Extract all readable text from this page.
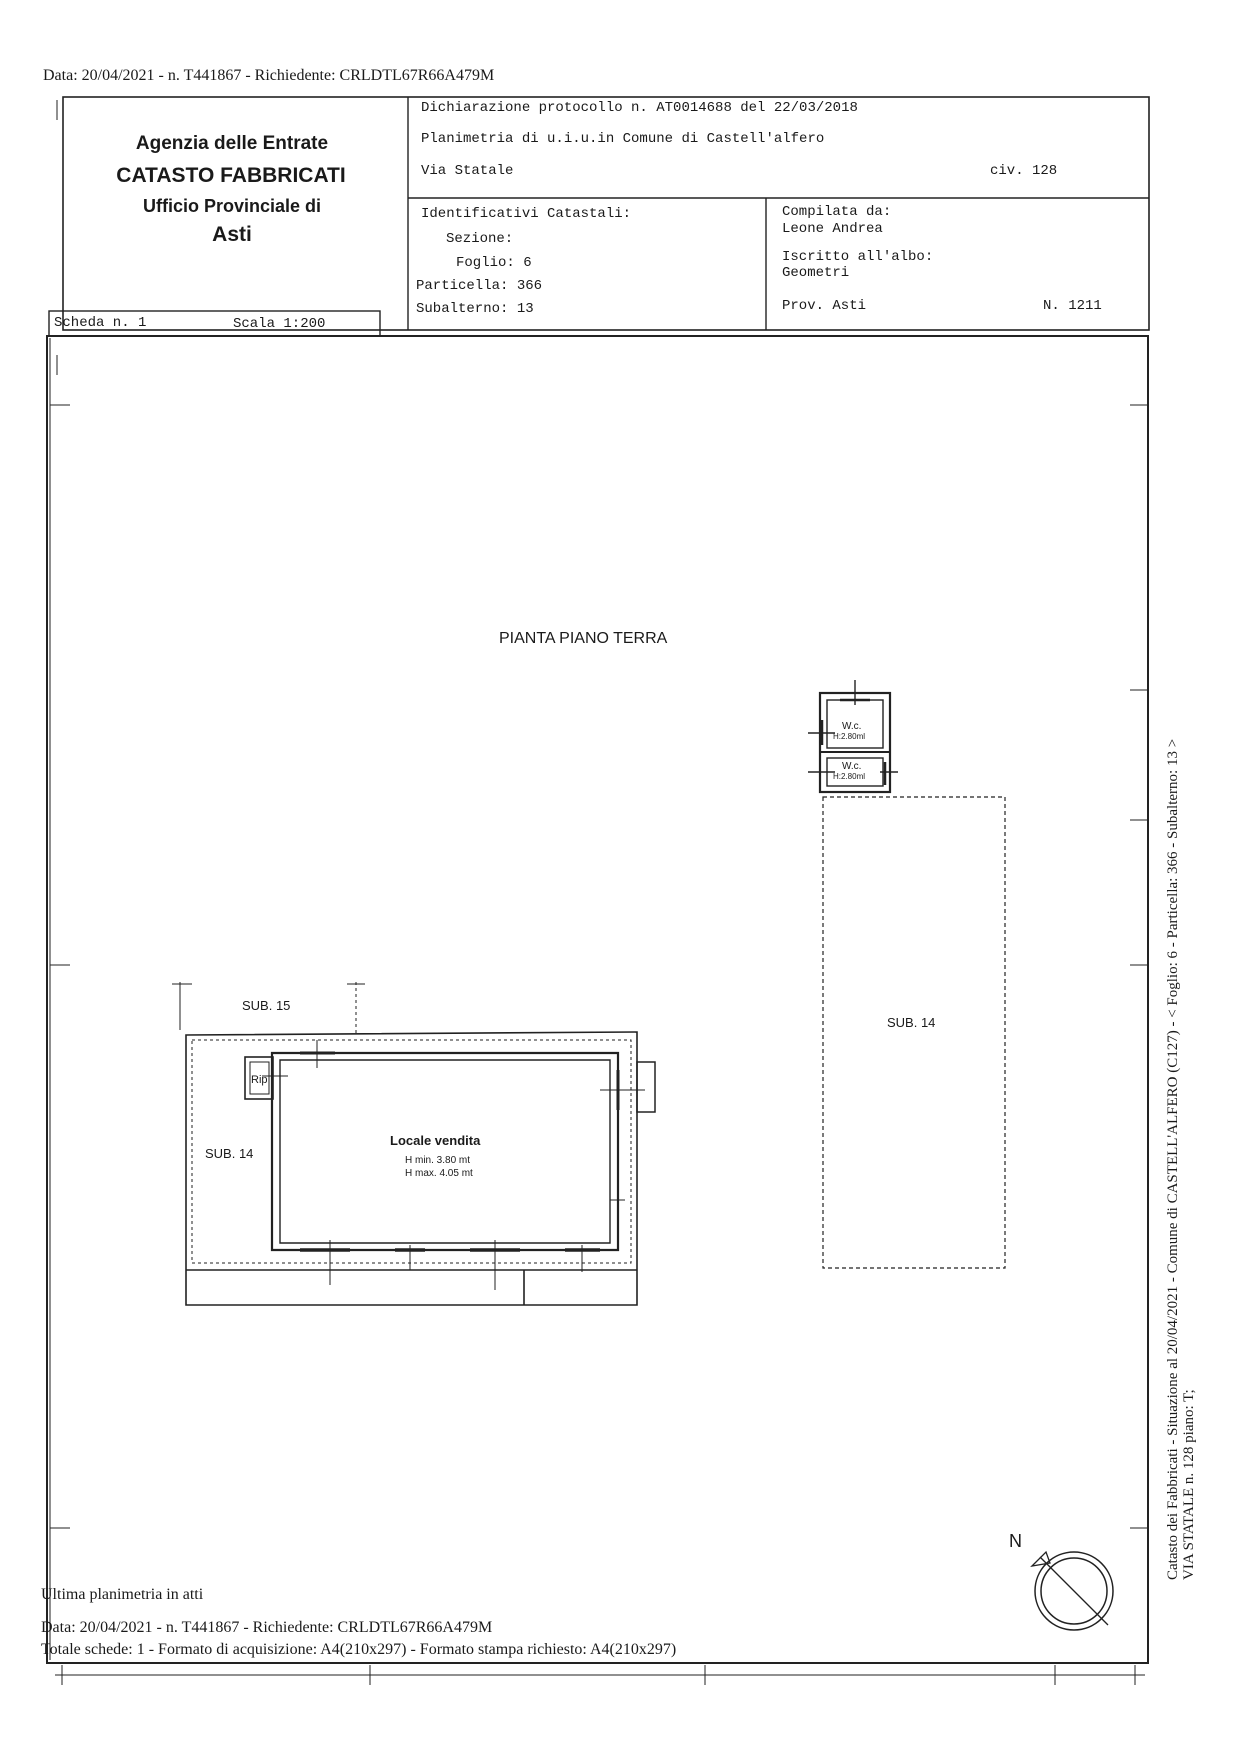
Data: 20/04/2021 - n. T441867 - Richiedente: CRLDTL67R66A479M
Agenzia delle Entrate
CATASTO FABBRICATI
Ufficio Provinciale di
Asti
Dichiarazione protocollo n. AT0014688 del 22/03/2018
Planimetria di u.i.u.in Comune di Castell'alfero
Via Statale	civ. 128
Identificativi Catastali:
Sezione:
Foglio: 6
Particella: 366
Subalterno: 13
Compilata da:
Leone Andrea
Iscritto all'albo:
Geometri
Prov. Asti	N. 1211
Scheda n. 1	Scala 1:200
PIANTA PIANO TERRA
W.c.
H:2.80ml
W.c.
H:2.80ml
SUB. 14
SUB. 15
Rip
SUB. 14
Locale vendita
H min. 3.80 mt
H max. 4.05 mt
N	Catasto dei Fabbricati - Situazione al 20/04/2021 - Comune di CASTELL'ALFERO (C127) - < Foglio: 6 - Particella: 366 - Subalterno: 13 > VIA STATALE n. 128 piano: T;
Ultima planimetria in atti
Data: 20/04/2021 - n. T441867 - Richiedente: CRLDTL67R66A479M
Totale schede: 1 - Formato di acquisizione: A4(210x297) - Formato stampa richiesto: A4(210x297)
